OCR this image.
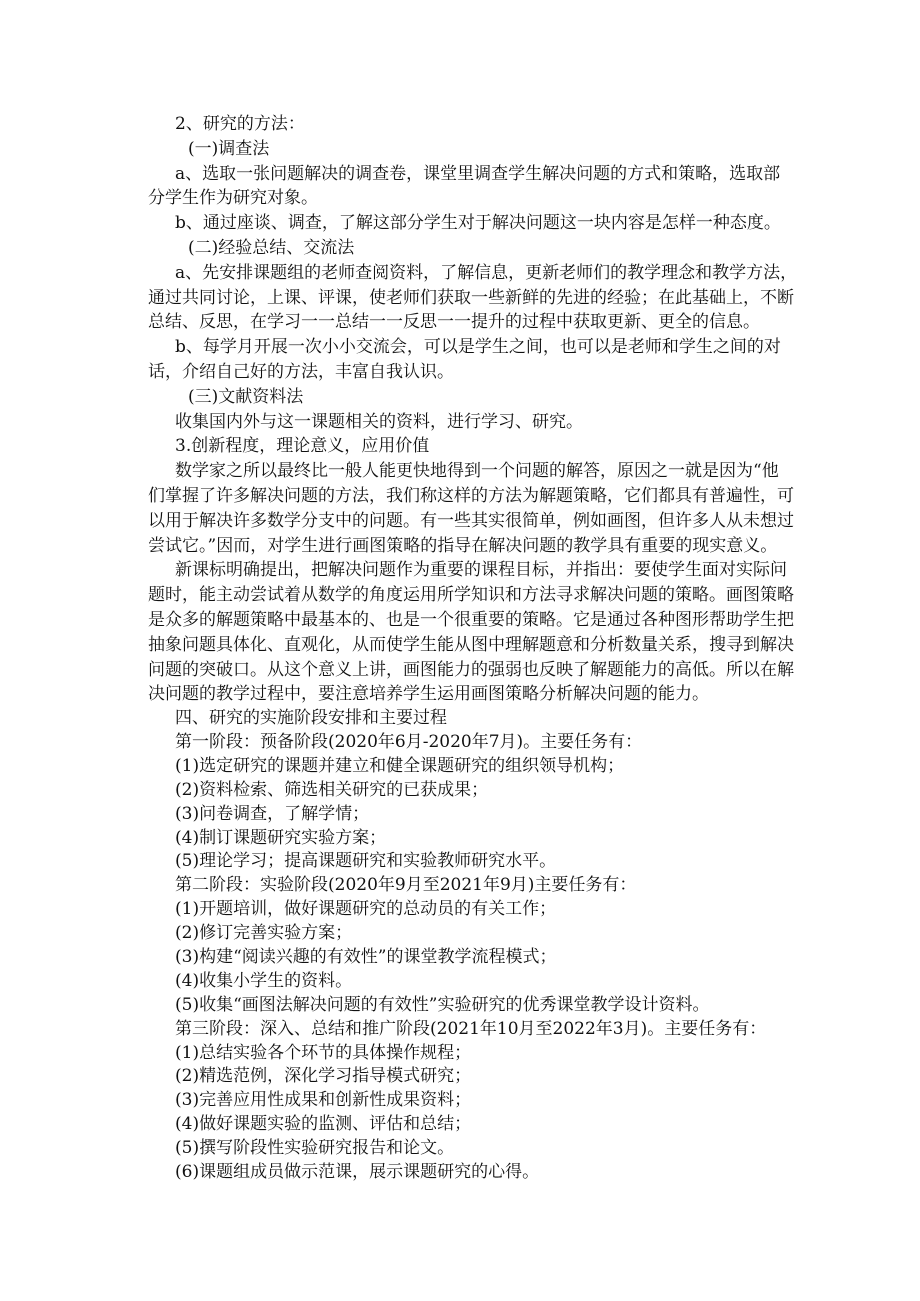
2、研究的方法：
(一)调查法
a、选取一张问题解决的调查卷，课堂里调查学生解决问题的方式和策略，选取部
分学生作为研究对象。
b、通过座谈、调查，了解这部分学生对于解决问题这一块内容是怎样一种态度。
(二)经验总结、交流法
a、先安排课题组的老师查阅资料，了解信息，更新老师们的教学理念和教学方法，
通过共同讨论，上课、评课，使老师们获取一些新鲜的先进的经验；在此基础上，不断
总结、反思，在学习一一总结一一反思一一提升的过程中获取更新、更全的信息。
b、每学月开展一次小小交流会，可以是学生之间，也可以是老师和学生之间的对
话，介绍自己好的方法，丰富自我认识。
(三)文献资料法
收集国内外与这一课题相关的资料，进行学习、研究。
3.创新程度，理论意义，应用价值
数学家之所以最终比一般人能更快地得到一个问题的解答，原因之一就是因为“他
们掌握了许多解决问题的方法，我们称这样的方法为解题策略，它们都具有普遍性，可
以用于解决许多数学分支中的问题。有一些其实很简单，例如画图，但许多人从未想过
尝试它。”因而，对学生进行画图策略的指导在解决问题的教学具有重要的现实意义。
新课标明确提出，把解决问题作为重要的课程目标，并指出：要使学生面对实际问
题时，能主动尝试着从数学的角度运用所学知识和方法寻求解决问题的策略。画图策略
是众多的解题策略中最基本的、也是一个很重要的策略。它是通过各种图形帮助学生把
抽象问题具体化、直观化，从而使学生能从图中理解题意和分析数量关系，搜寻到解决
问题的突破口。从这个意义上讲，画图能力的强弱也反映了解题能力的高低。所以在解
决问题的教学过程中，要注意培养学生运用画图策略分析解决问题的能力。
四、研究的实施阶段安排和主要过程
第一阶段：预备阶段(2020年6月-2020年7月)。主要任务有：
(1)选定研究的课题并建立和健全课题研究的组织领导机构；
(2)资料检索、筛选相关研究的已获成果；
(3)问卷调查，了解学情；
(4)制订课题研究实验方案；
(5)理论学习；提高课题研究和实验教师研究水平。
第二阶段：实验阶段(2020年9月至2021年9月)主要任务有：
(1)开题培训，做好课题研究的总动员的有关工作；
(2)修订完善实验方案；
(3)构建“阅读兴趣的有效性”的课堂教学流程模式；
(4)收集小学生的资料。
(5)收集“画图法解决问题的有效性”实验研究的优秀课堂教学设计资料。
第三阶段：深入、总结和推广阶段(2021年10月至2022年3月)。主要任务有：
(1)总结实验各个环节的具体操作规程；
(2)精选范例，深化学习指导模式研究；
(3)完善应用性成果和创新性成果资料；
(4)做好课题实验的监测、评估和总结；
(5)撰写阶段性实验研究报告和论文。
(6)课题组成员做示范课，展示课题研究的心得。
